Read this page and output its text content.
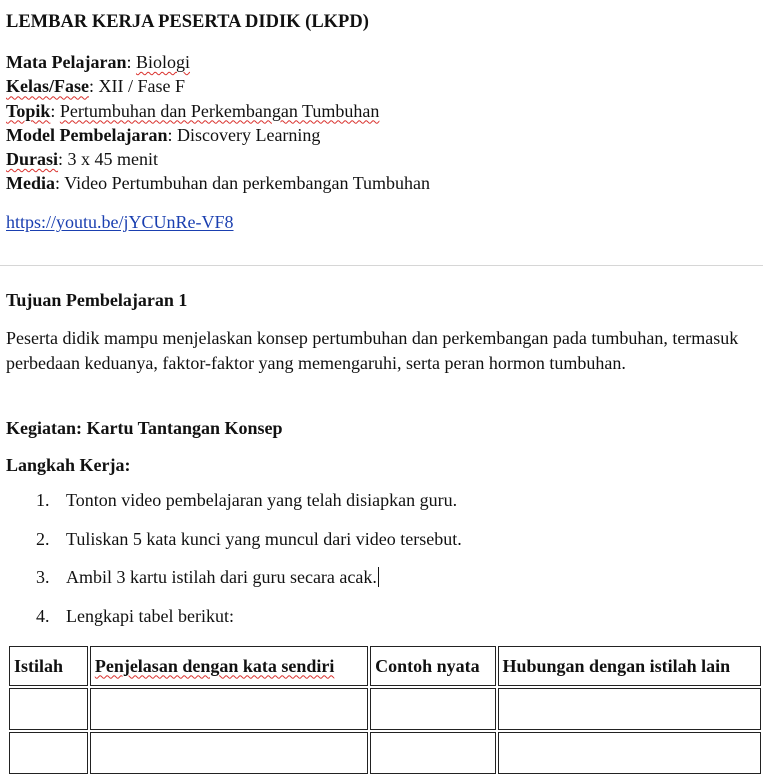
LEMBAR KERJA PESERTA DIDIK (LKPD)
Mata Pelajaran: Biologi
Kelas/Fase: XII / Fase F
Topik: Pertumbuhan dan Perkembangan Tumbuhan
Model Pembelajaran: Discovery Learning
Durasi: 3 x 45 menit
Media: Video Pertumbuhan dan perkembangan Tumbuhan
https://youtu.be/jYCUnRe-VF8
Tujuan Pembelajaran 1
Peserta didik mampu menjelaskan konsep pertumbuhan dan perkembangan pada tumbuhan, termasuk perbedaan keduanya, faktor-faktor yang memengaruhi, serta peran hormon tumbuhan.
Kegiatan: Kartu Tantangan Konsep
Langkah Kerja:
1. Tonton video pembelajaran yang telah disiapkan guru.
2. Tuliskan 5 kata kunci yang muncul dari video tersebut.
3. Ambil 3 kartu istilah dari guru secara acak.
4. Lengkapi tabel berikut:
Istilah	Penjelasan dengan kata sendiri	Contoh nyata	Hubungan dengan istilah lain
